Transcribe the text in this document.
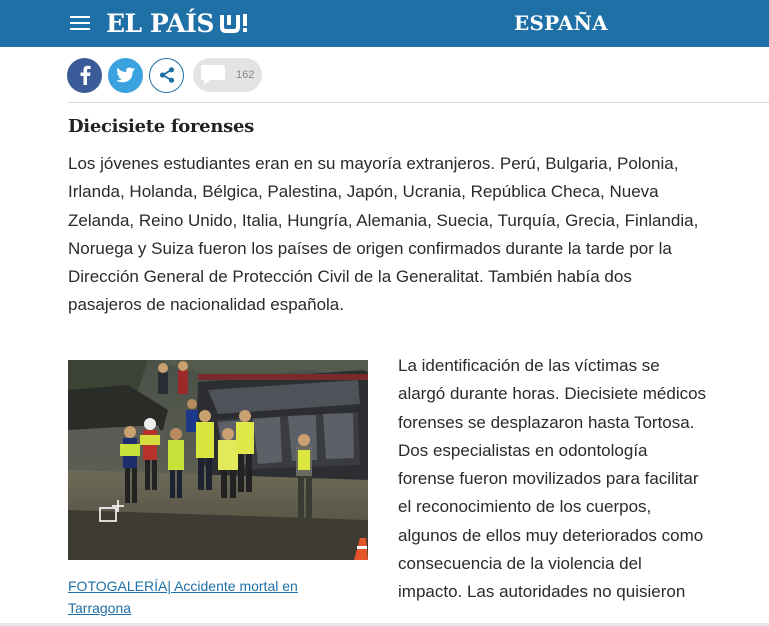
EL PAÍS	ESPAÑA
162
Diecisiete forenses

Los jóvenes estudiantes eran en su mayoría extranjeros. Perú, Bulgaria, Polonia, Irlanda, Holanda, Bélgica, Palestina, Japón, Ucrania, República Checa, Nueva Zelanda, Reino Unido, Italia, Hungría, Alemania, Suecia, Turquía, Grecia, Finlandia, Noruega y Suiza fueron los países de origen confirmados durante la tarde por la Dirección General de Protección Civil de la Generalitat. También había dos pasajeros de nacionalidad española.

FOTOGALERÍA| Accidente mortal en Tarragona

La identificación de las víctimas se alargó durante horas. Diecisiete médicos forenses se desplazaron hasta Tortosa. Dos especialistas en odontología forense fueron movilizados para facilitar el reconocimiento de los cuerpos, algunos de ellos muy deteriorados como consecuencia de la violencia del impacto. Las autoridades no quisieron
